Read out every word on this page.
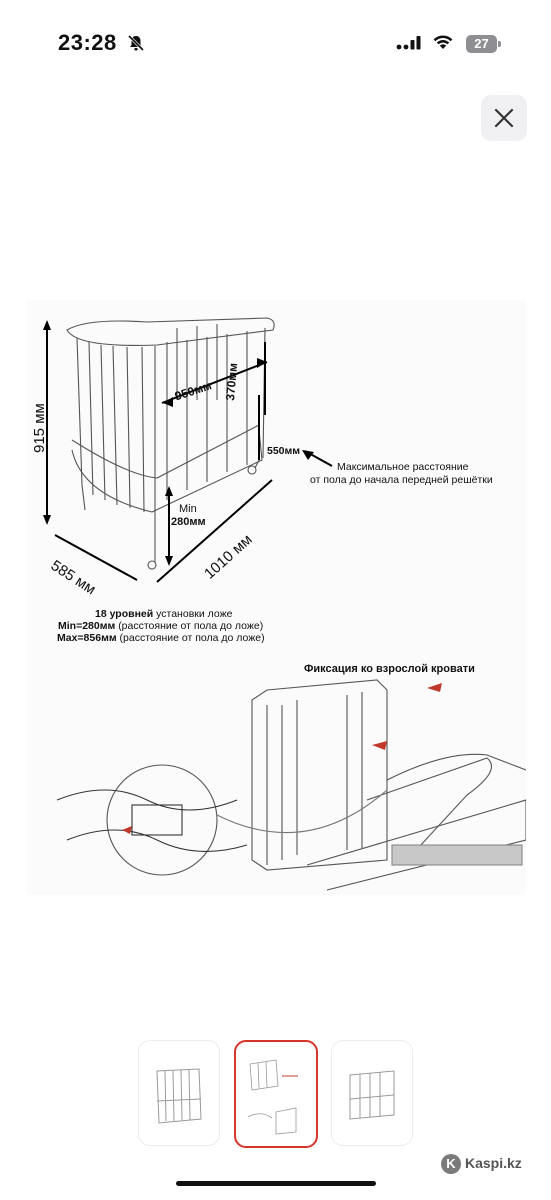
23:28	27
915 мм
585 мм	1010 мм
950мм 370мм
550мм
Min
280мм
Максимальное расстояние
от пола до начала передней решётки
18 уровней установки ложе
Min=280мм (расстояние от пола до ложе)
Max=856мм (расстояние от пола до ложе)
Фиксация ко взрослой кровати
K Kaspi.kz
